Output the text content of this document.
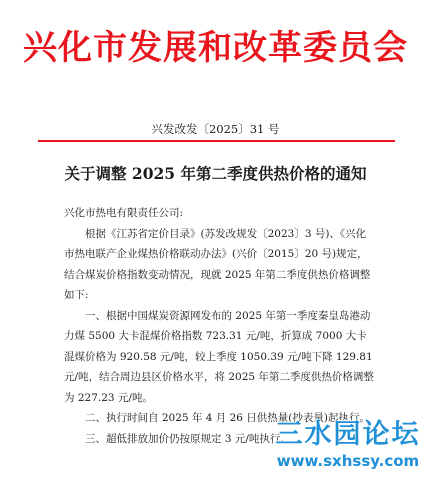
兴化市发展和改革委员会
兴发改发〔2025〕31 号
关于调整 2025 年第二季度供热价格的通知

兴化市热电有限责任公司:

根据《江苏省定价目录》(苏发改规发〔2023〕3 号)、《兴化市热电联产企业煤热价格联动办法》(兴价〔2015〕20 号)规定，结合煤炭价格指数变动情况，现就 2025 年第二季度供热价格调整如下:

一、根据中国煤炭资源网发布的 2025 年第一季度秦皇岛港动力煤 5500 大卡混煤价格指数 723.31 元/吨，折算成 7000 大卡混煤价格为 920.58 元/吨，较上季度 1050.39 元/吨下降 129.81 元/吨，结合周边县区价格水平，将 2025 年第二季度供热价格调整为 227.23 元/吨。

二、执行时间自 2025 年 4 月 26 日供热量(抄表量)起执行。

三、超低排放加价仍按原规定 3 元/吨执行。

三水园论坛
www.sxhssy.com
